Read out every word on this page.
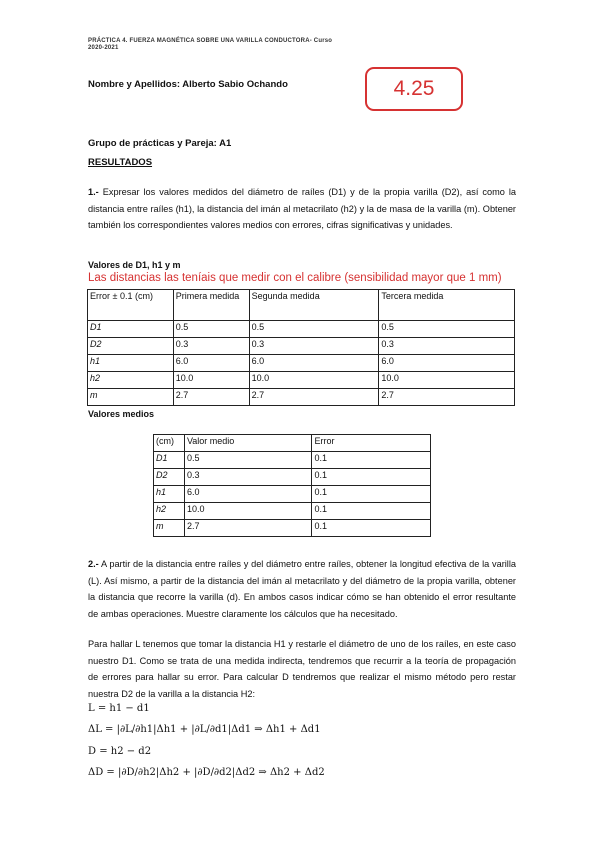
PRÁCTICA 4. FUERZA MAGNÉTICA SOBRE UNA VARILLA CONDUCTORA- Curso
2020-2021
Nombre y Apellidos: Alberto Sabio Ochando	4.25
Grupo de prácticas y Pareja: A1
RESULTADOS
1.- Expresar los valores medidos del diámetro de raíles (D1) y de la propia varilla (D2), así como la distancia entre raíles (h1), la distancia del imán al metacrilato (h2) y la de masa de la varilla (m). Obtener también los correspondientes valores medios con errores, cifras significativas y unidades.
Valores de D1, h1 y m
Las distancias las teníais que medir con el calibre (sensibilidad mayor que 1 mm)
Error ± 0.1 (cm)	Primera medida	Segunda medida	Tercera medida
D1	0.5	0.5	0.5
D2	0.3	0.3	0.3
h1	6.0	6.0	6.0
h2	10.0	10.0	10.0
m	2.7	2.7	2.7
Valores medios
(cm)	Valor medio	Error
D1	0.5	0.1
D2	0.3	0.1
h1	6.0	0.1
h2	10.0	0.1
m	2.7	0.1
2.- A partir de la distancia entre raíles y del diámetro entre raíles, obtener la longitud efectiva de la varilla (L). Así mismo, a partir de la distancia del imán al metacrilato y del diámetro de la propia varilla, obtener la distancia que recorre la varilla (d). En ambos casos indicar cómo se han obtenido el error resultante de ambas operaciones. Muestre claramente los cálculos que ha necesitado.
Para hallar L tenemos que tomar la distancia H1 y restarle el diámetro de uno de los raíles, en este caso nuestro D1. Como se trata de una medida indirecta, tendremos que recurrir a la teoría de propagación de errores para hallar su error. Para calcular D tendremos que realizar el mismo método pero restar nuestra D2 de la varilla a la distancia H2:
L = h1 − d1
ΔL = |∂L/∂h1|Δh1 + |∂L/∂d1|Δd1 ⇒ Δh1 + Δd1
D = h2 − d2
ΔD = |∂D/∂h2|Δh2 + |∂D/∂d2|Δd2 ⇒ Δh2 + Δd2
